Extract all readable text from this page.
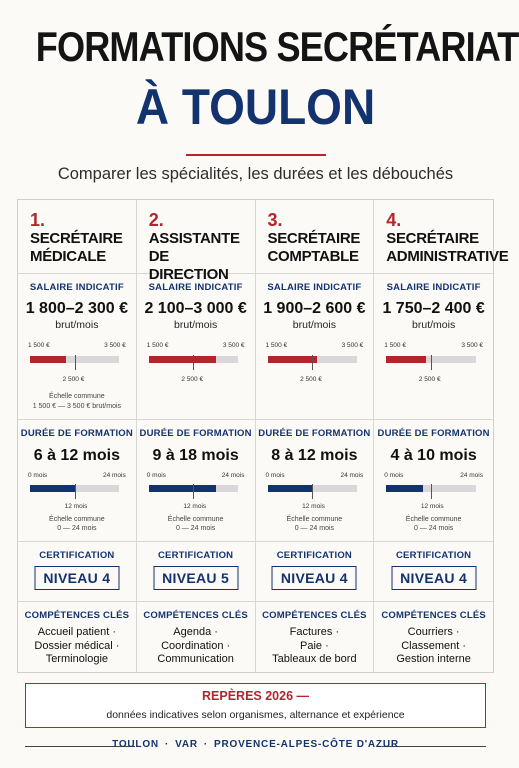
FORMATIONS SECRÉTARIAT
À TOULON
Comparer les spécialités, les durées et les débouchés
1.
SECRÉTAIRE
MÉDICALE
2.
ASSISTANTE
DE DIRECTION
3.
SECRÉTAIRE
COMPTABLE
4.
SECRÉTAIRE
ADMINISTRATIVE
SALAIRE INDICATIF
1 800–2 300 €
brut/mois
1 500 €	3 500 €
2 500 €
Échelle commune
1 500 € — 3 500 € brut/mois
SALAIRE INDICATIF
2 100–3 000 €
brut/mois
1 500 €	3 500 €
2 500 €
SALAIRE INDICATIF
1 900–2 600 €
brut/mois
1 500 €	3 500 €
2 500 €
SALAIRE INDICATIF
1 750–2 400 €
brut/mois
1 500 €	3 500 €
2 500 €
DURÉE DE FORMATION
6 à 12 mois
0 mois	24 mois
12 mois
Échelle commune
0 — 24 mois
DURÉE DE FORMATION
9 à 18 mois
0 mois	24 mois
12 mois
Échelle commune
0 — 24 mois
DURÉE DE FORMATION
8 à 12 mois
0 mois	24 mois
12 mois
Échelle commune
0 — 24 mois
DURÉE DE FORMATION
4 à 10 mois
0 mois	24 mois
12 mois
Échelle commune
0 — 24 mois
CERTIFICATION
NIVEAU 4
CERTIFICATION
NIVEAU 5
CERTIFICATION
NIVEAU 4
CERTIFICATION
NIVEAU 4
COMPÉTENCES CLÉS
Accueil patient ·
Dossier médical ·
Terminologie
COMPÉTENCES CLÉS
Agenda ·
Coordination ·
Communication
COMPÉTENCES CLÉS
Factures ·
Paie ·
Tableaux de bord
COMPÉTENCES CLÉS
Courriers ·
Classement ·
Gestion interne
REPÈRES 2026 —
données indicatives selon organismes, alternance et expérience
TOULON · VAR · PROVENCE-ALPES-CÔTE D'AZUR
